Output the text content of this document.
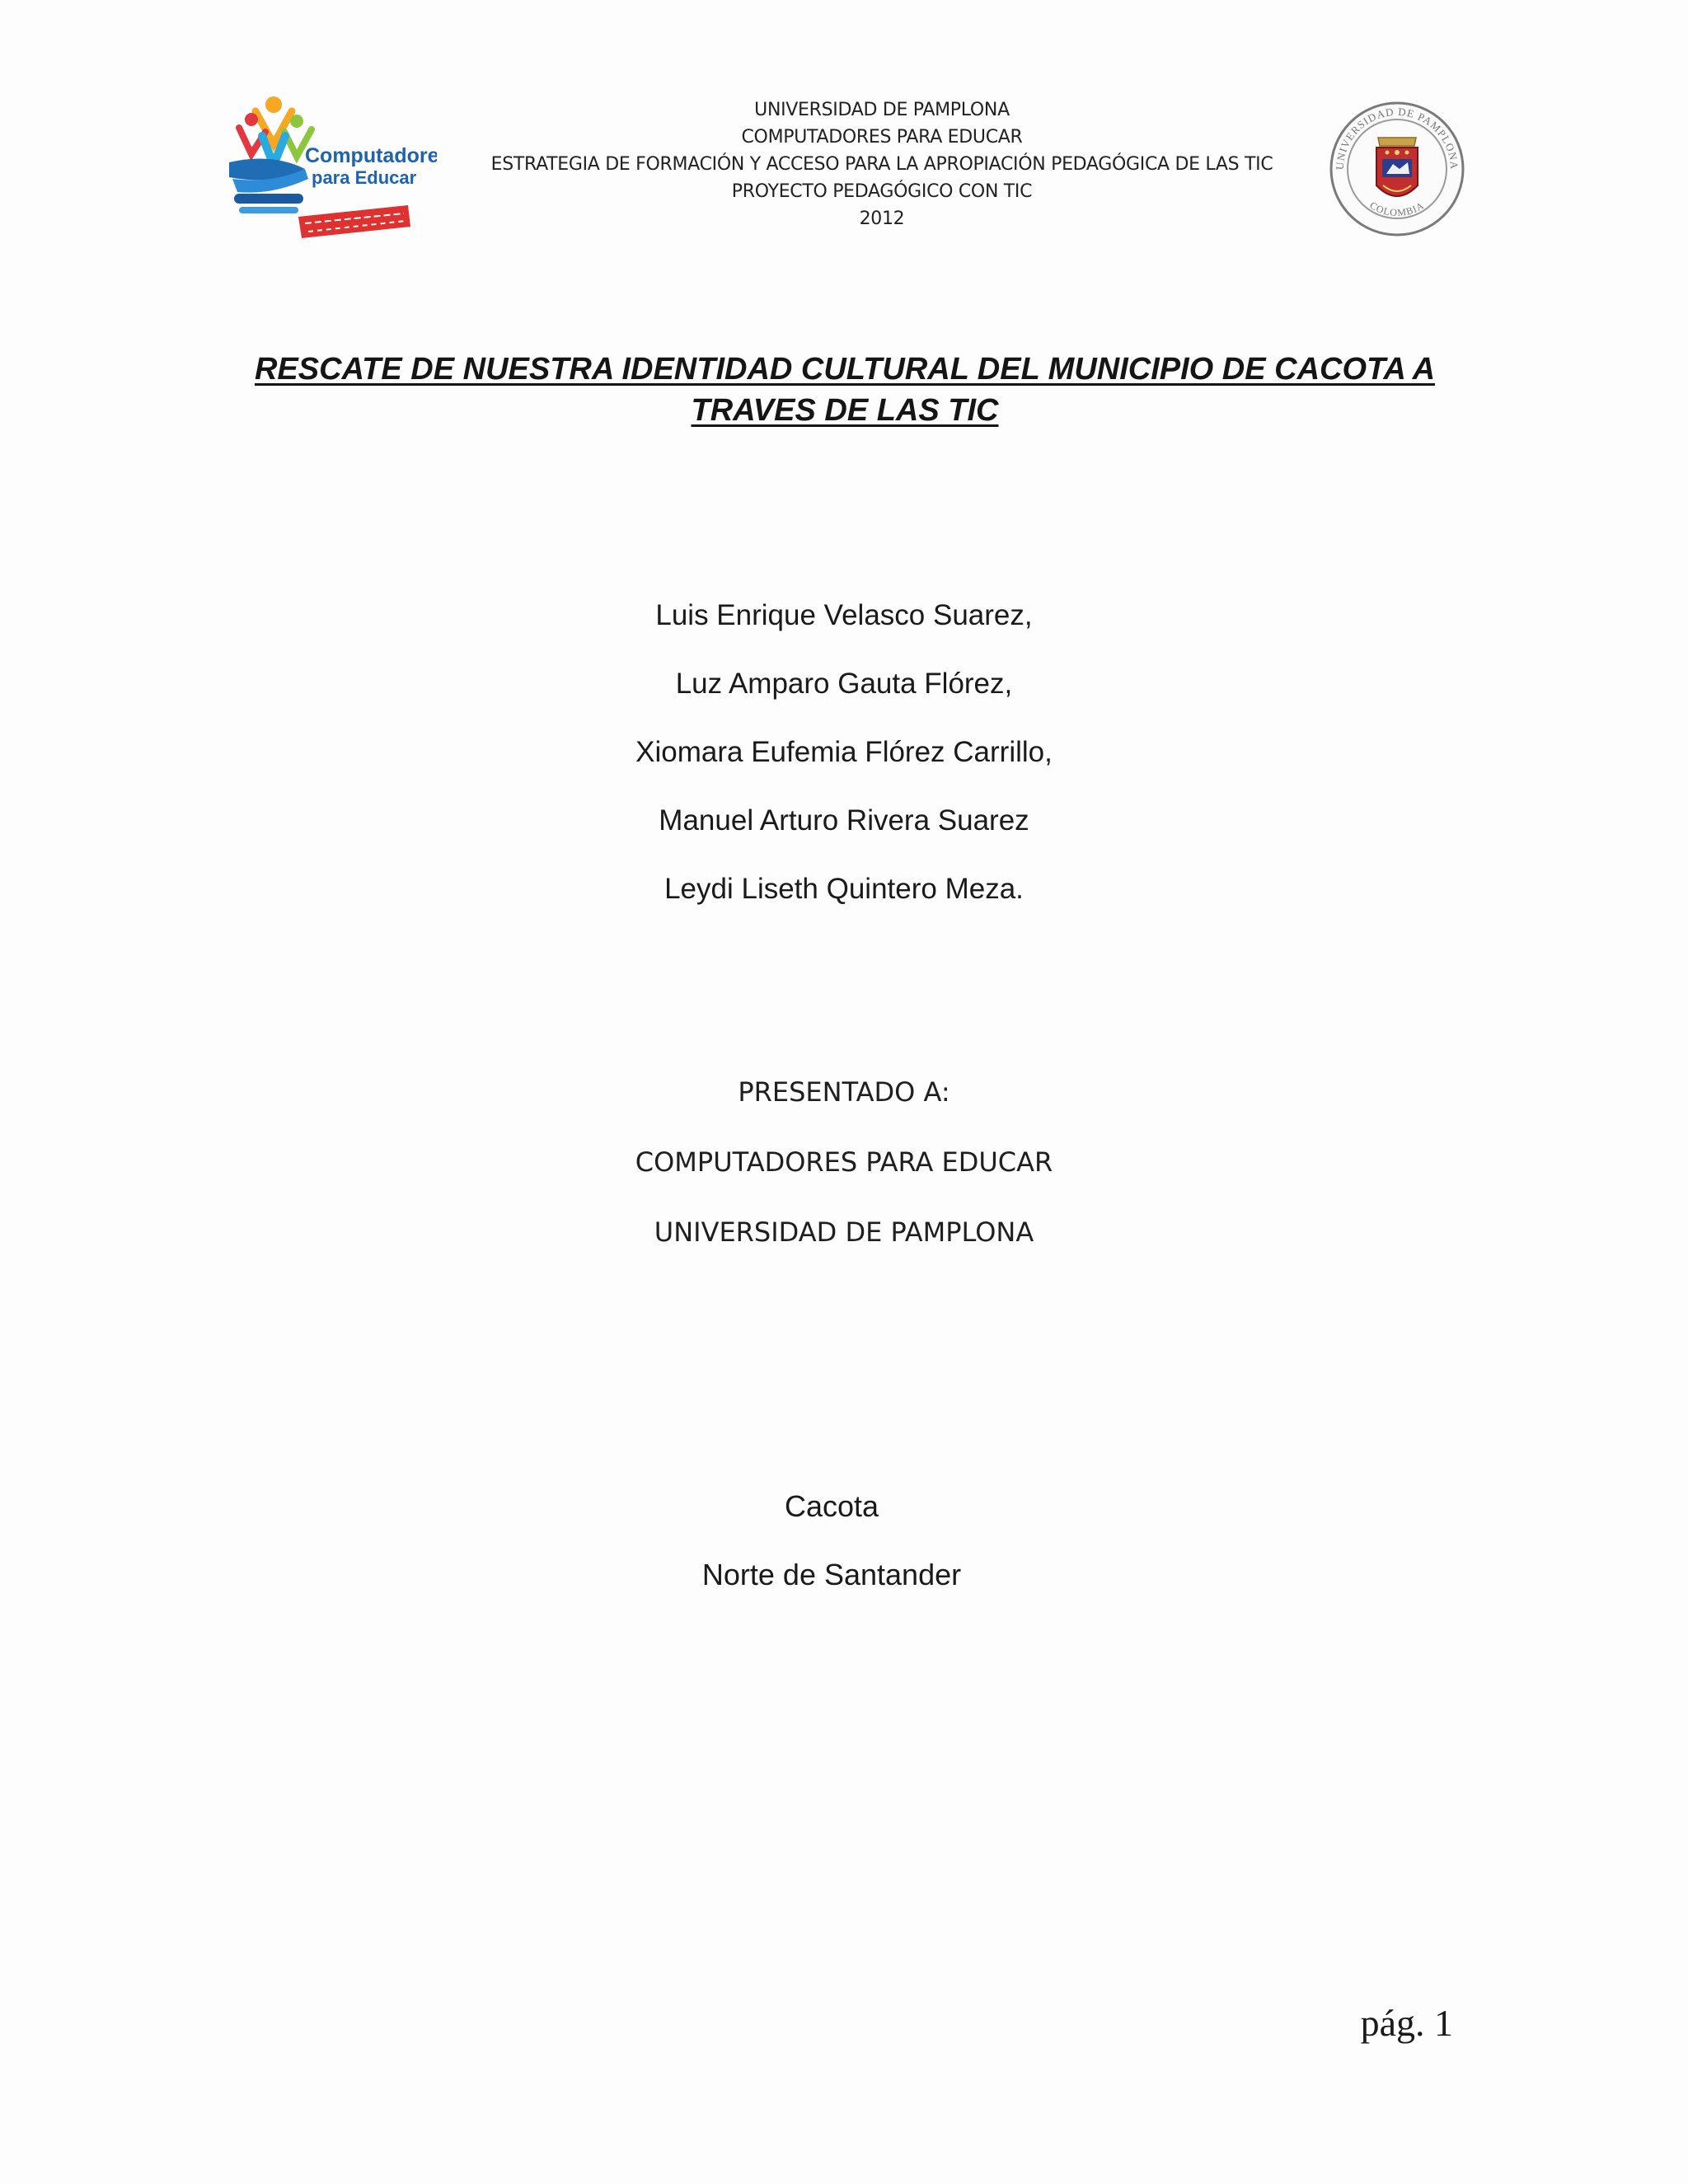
Computadores
para Educar
UNIVERSIDAD DE PAMPLONA
COMPUTADORES PARA EDUCAR
ESTRATEGIA DE FORMACIÓN Y ACCESO PARA LA APROPIACIÓN PEDAGÓGICA DE LAS TIC
PROYECTO PEDAGÓGICO CON TIC
2012
UNIVERSIDAD DE PAMPLONA
COLOMBIA
RESCATE DE NUESTRA IDENTIDAD CULTURAL DEL MUNICIPIO DE CACOTA A
TRAVES DE LAS TIC
Luis Enrique Velasco Suarez,
Luz Amparo Gauta Flórez,
Xiomara Eufemia Flórez Carrillo,
Manuel Arturo Rivera Suarez
Leydi Liseth Quintero Meza.
PRESENTADO A:
COMPUTADORES PARA EDUCAR
UNIVERSIDAD DE PAMPLONA
Cacota
Norte de Santander
pág. 1
